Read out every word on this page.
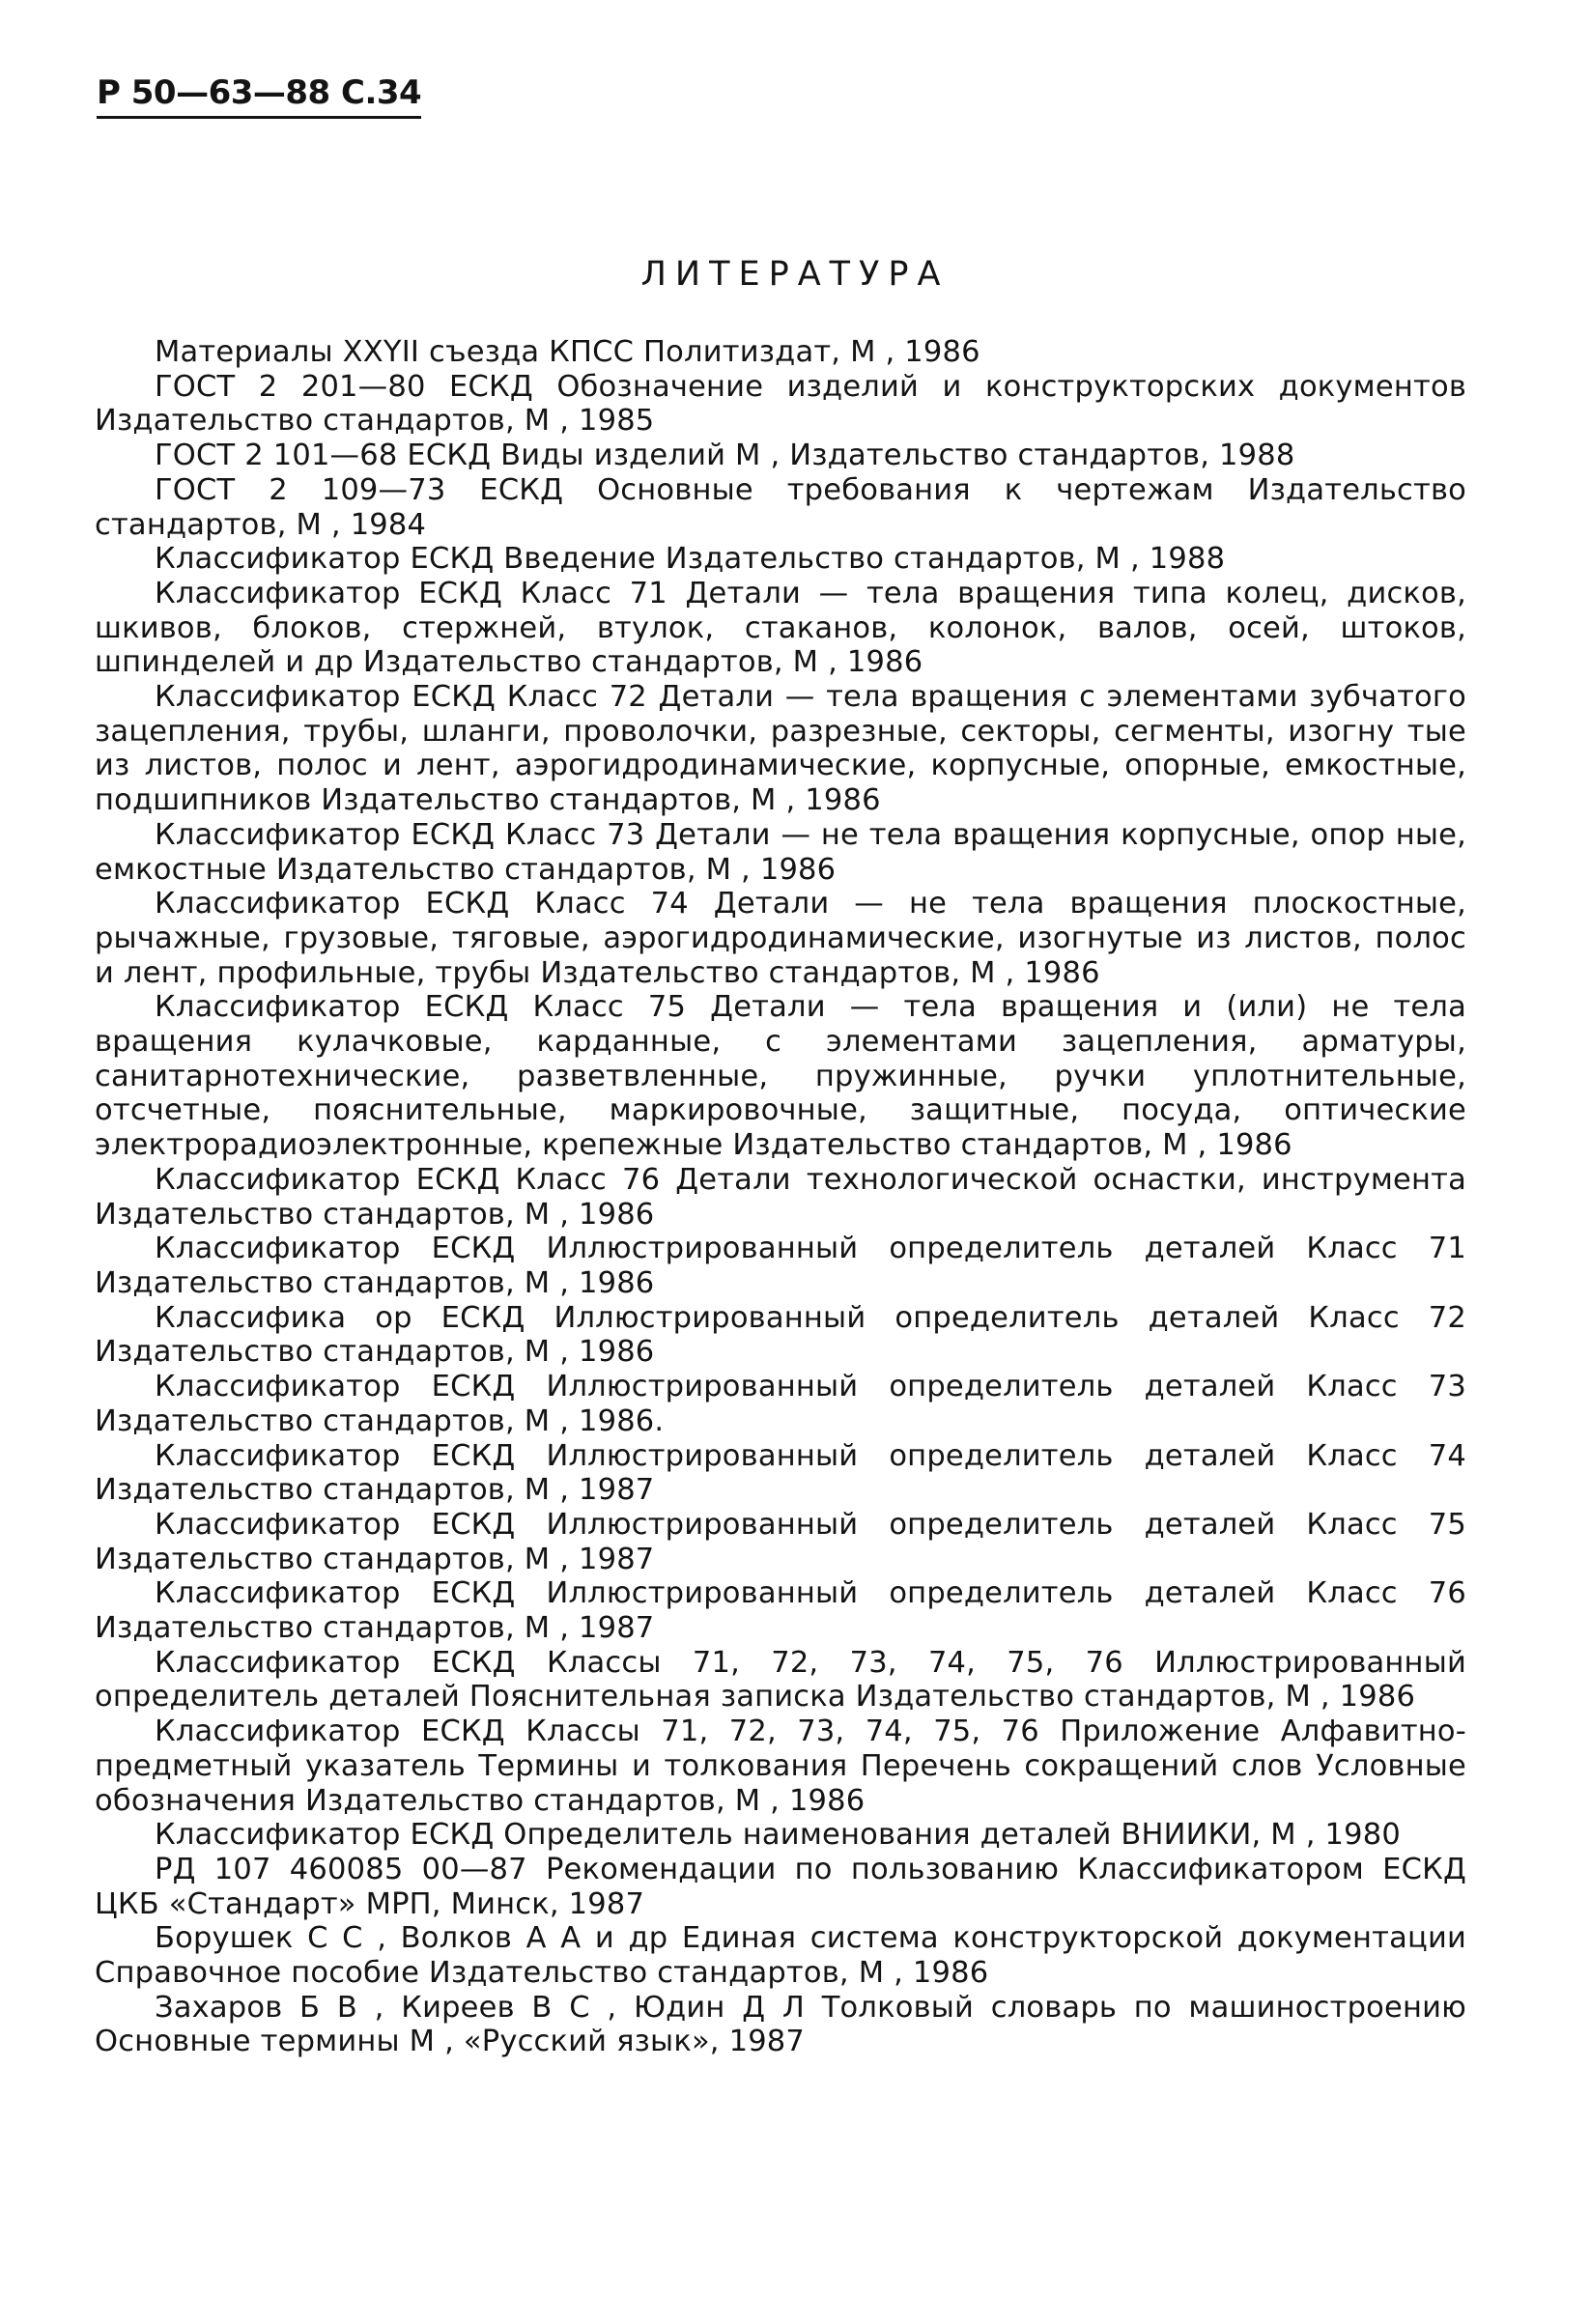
Р 50—63—88 С.34
ЛИТЕРАТУРА

Материалы XXYII съезда КПСС Политиздат, М , 1986

ГОСТ 2 201—80 ЕСКД Обозначение изделий и конструкторских документов Издательство стандартов, М , 1985

ГОСТ 2 101—68 ЕСКД Виды изделий М , Издательство стандартов, 1988

ГОСТ 2 109—73 ЕСКД Основные требования к чертежам Издательство стандартов, М , 1984

Классификатор ЕСКД Введение Издательство стандартов, М , 1988

Классификатор ЕСКД Класс 71 Детали — тела вращения типа колец, дисков, шкивов, блоков, стержней, втулок, стаканов, колонок, валов, осей, штоков, шпинделей и др Издательство стандартов, М , 1986

Классификатор ЕСКД Класс 72 Детали — тела вращения с элементами зубчатого зацепления, трубы, шланги, проволочки, разрезные, секторы, сегменты, изогну тые из листов, полос и лент, аэрогидродинамические, корпусные, опорные, емкостные, подшипников Издательство стандартов, М , 1986

Классификатор ЕСКД Класс 73 Детали — не тела вращения корпусные, опор ные, емкостные Издательство стандартов, М , 1986

Классификатор ЕСКД Класс 74 Детали — не тела вращения плоскостные, рычажные, грузовые, тяговые, аэрогидродинамические, изогнутые из листов, полос и лент, профильные, трубы Издательство стандартов, М , 1986

Классификатор ЕСКД Класс 75 Детали — тела вращения и (или) не тела вращения кулачковые, карданные, с элементами зацепления, арматуры, санитарнотехнические, разветвленные, пружинные, ручки уплотнительные, отсчетные, пояснительные, маркировочные, защитные, посуда, оптические электрорадиоэлектронные, крепежные Издательство стандартов, М , 1986

Классификатор ЕСКД Класс 76 Детали технологической оснастки, инструмента Издательство стандартов, М , 1986

Классификатор ЕСКД Иллюстрированный определитель деталей Класс 71 Издательство стандартов, М , 1986

Классифика ор ЕСКД Иллюстрированный определитель деталей Класс 72 Издательство стандартов, М , 1986

Классификатор ЕСКД Иллюстрированный определитель деталей Класс 73 Издательство стандартов, М , 1986.

Классификатор ЕСКД Иллюстрированный определитель деталей Класс 74 Издательство стандартов, М , 1987

Классификатор ЕСКД Иллюстрированный определитель деталей Класс 75 Издательство стандартов, М , 1987

Классификатор ЕСКД Иллюстрированный определитель деталей Класс 76 Издательство стандартов, М , 1987

Классификатор ЕСКД Классы 71, 72, 73, 74, 75, 76 Иллюстрированный определитель деталей Пояснительная записка Издательство стандартов, М , 1986

Классификатор ЕСКД Классы 71, 72, 73, 74, 75, 76 Приложение Алфавитно-предметный указатель Термины и толкования Перечень сокращений слов Условные обозначения Издательство стандартов, М , 1986

Классификатор ЕСКД Определитель наименования деталей ВНИИКИ, М , 1980

РД 107 460085 00—87 Рекомендации по пользованию Классификатором ЕСКД ЦКБ «Стандарт» МРП, Минск, 1987

Борушек С С , Волков А А и др Единая система конструкторской документации Справочное пособие Издательство стандартов, М , 1986

Захаров Б В , Киреев В С , Юдин Д Л Толковый словарь по машиностроению Основные термины М , «Русский язык», 1987
